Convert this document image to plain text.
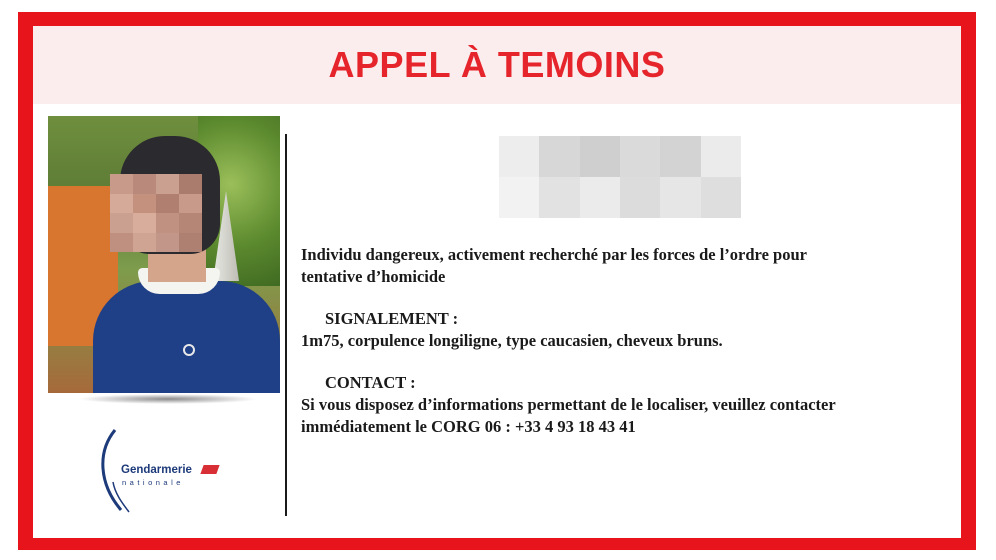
APPEL À TEMOINS
Gendarmerie
nationale

Individu dangereux, activement recherché par les forces de l’ordre pour

tentative d’homicide

SIGNALEMENT :

1m75, corpulence longiligne, type caucasien, cheveux bruns.

CONTACT :

Si vous disposez d’informations permettant de le localiser, veuillez contacter

immédiatement le CORG 06 : +33 4 93 18 43 41
